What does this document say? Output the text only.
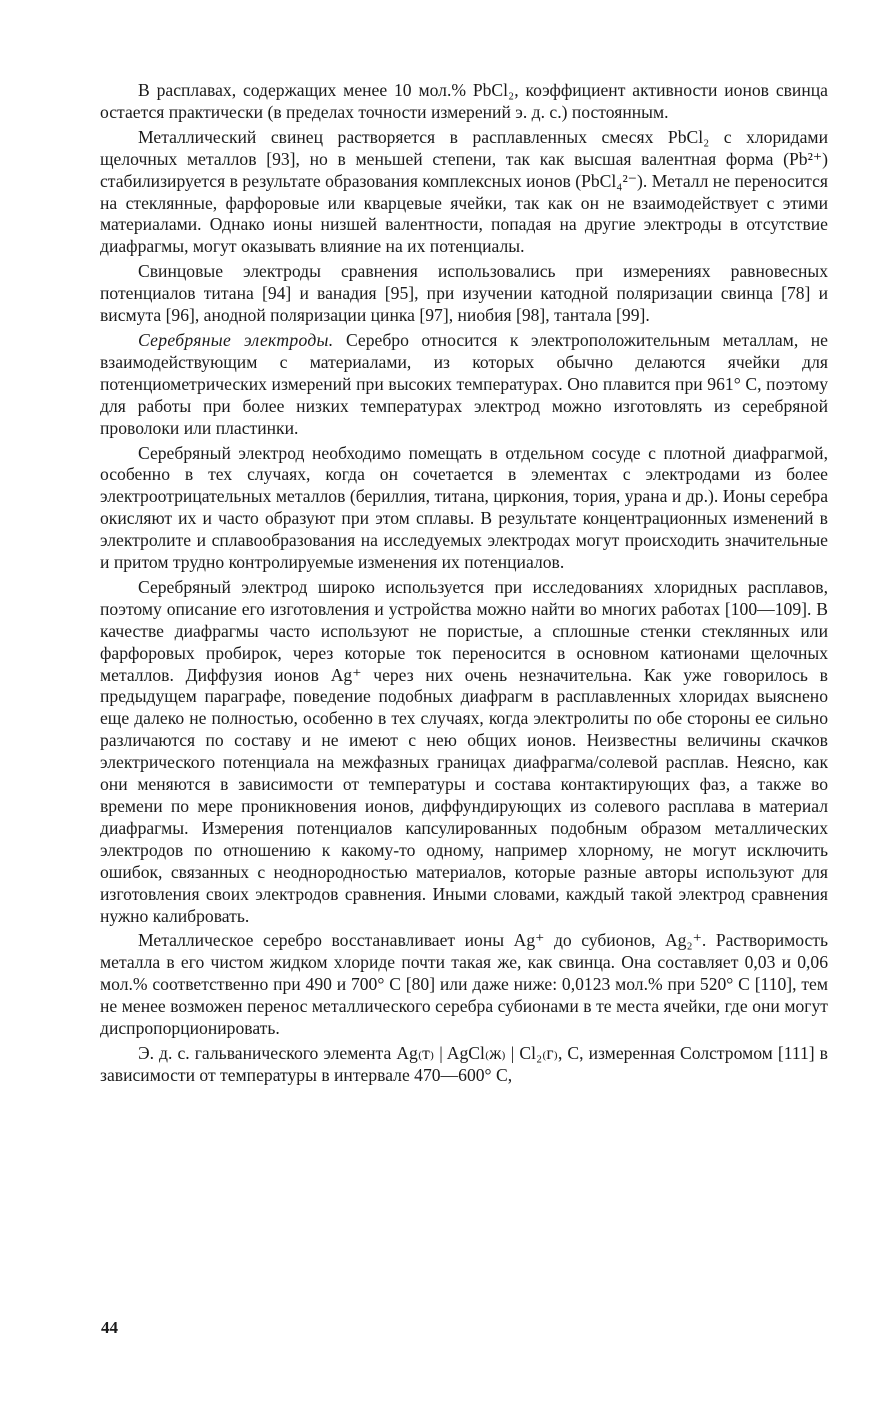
В расплавах, содержащих менее 10 мол.% PbCl₂, коэффициент активности ионов свинца остается практически (в пределах точности измерений э. д. с.) постоянным.

Металлический свинец растворяется в расплавленных смесях PbCl₂ с хлоридами щелочных металлов [93], но в меньшей степени, так как высшая валентная форма (Pb²⁺) стабилизируется в результате образования комплексных ионов (PbCl₄²⁻). Металл не переносится на стеклянные, фарфоровые или кварцевые ячейки, так как он не взаимодействует с этими материалами. Однако ионы низшей валентности, попадая на другие электроды в отсутствие диафрагмы, могут оказывать влияние на их потенциалы.

Свинцовые электроды сравнения использовались при измерениях равновесных потенциалов титана [94] и ванадия [95], при изучении катодной поляризации свинца [78] и висмута [96], анодной поляризации цинка [97], ниобия [98], тантала [99].

Серебряные электроды. Серебро относится к электроположительным металлам, не взаимодействующим с материалами, из которых обычно делаются ячейки для потенциометрических измерений при высоких температурах. Оно плавится при 961° С, поэтому для работы при более низких температурах электрод можно изготовлять из серебряной проволоки или пластинки.

Серебряный электрод необходимо помещать в отдельном сосуде с плотной диафрагмой, особенно в тех случаях, когда он сочетается в элементах с электродами из более электроотрицательных металлов (бериллия, титана, циркония, тория, урана и др.). Ионы серебра окисляют их и часто образуют при этом сплавы. В результате концентрационных изменений в электролите и сплавообразования на исследуемых электродах могут происходить значительные и притом трудно контролируемые изменения их потенциалов.

Серебряный электрод широко используется при исследованиях хлоридных расплавов, поэтому описание его изготовления и устройства можно найти во многих работах [100—109]. В качестве диафрагмы часто используют не пористые, а сплошные стенки стеклянных или фарфоровых пробирок, через которые ток переносится в основном катионами щелочных металлов. Диффузия ионов Ag⁺ через них очень незначительна. Как уже говорилось в предыдущем параграфе, поведение подобных диафрагм в расплавленных хлоридах выяснено еще далеко не полностью, особенно в тех случаях, когда электролиты по обе стороны ее сильно различаются по составу и не имеют с нею общих ионов. Неизвестны величины скачков электрического потенциала на межфазных границах диафрагма/солевой расплав. Неясно, как они меняются в зависимости от температуры и состава контактирующих фаз, а также во времени по мере проникновения ионов, диффундирующих из солевого расплава в материал диафрагмы. Измерения потенциалов капсулированных подобным образом металлических электродов по отношению к какому-то одному, например хлорному, не могут исключить ошибок, связанных с неоднородностью материалов, которые разные авторы используют для изготовления своих электродов сравнения. Иными словами, каждый такой электрод сравнения нужно калибровать.

Металлическое серебро восстанавливает ионы Ag⁺ до субионов, Ag₂⁺. Растворимость металла в его чистом жидком хлориде почти такая же, как свинца. Она составляет 0,03 и 0,06 мол.% соответственно при 490 и 700° С [80] или даже ниже: 0,0123 мол.% при 520° С [110], тем не менее возможен перенос металлического серебра субионами в те места ячейки, где они могут диспропорционировать.

Э. д. с. гальванического элемента Ag₍т₎ | AgCl₍ж₎ | Cl₂₍г₎, C, измеренная Солстромом [111] в зависимости от температуры в интервале 470—600° С,

44
